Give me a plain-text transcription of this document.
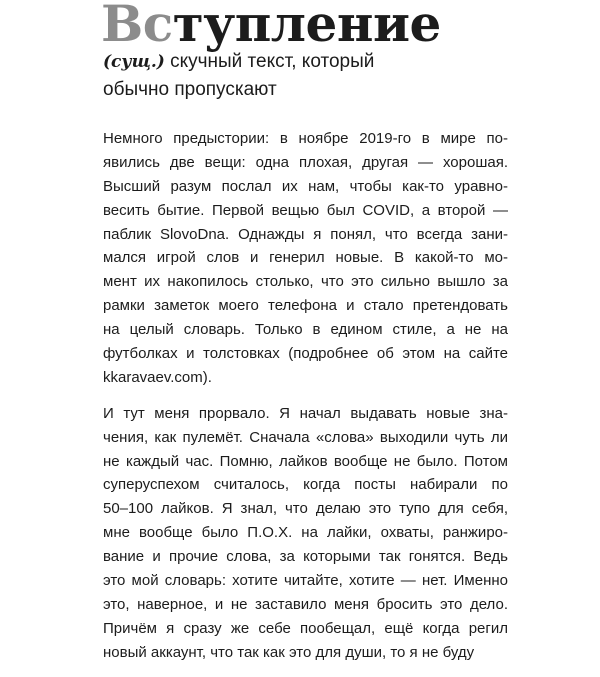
Вступление
(сущ.) скучный текст, который
обычно пропускают

Немного предыстории: в ноябре 2019-го в мире по-
явились две вещи: одна плохая, другая — хорошая.
Высший разум послал их нам, чтобы как-то уравно-
весить бытие. Первой вещью был COVID, а второй —
паблик SlovoDna. Однажды я понял, что всегда зани-
мался игрой слов и генерил новые. В какой-то мо-
мент их накопилось столько, что это сильно вышло за
рамки заметок моего телефона и стало претендовать
на целый словарь. Только в едином стиле, а не на
футболках и толстовках (подробнее об этом на сайте
kkaravaev.com).

И тут меня прорвало. Я начал выдавать новые зна-
чения, как пулемёт. Сначала «слова» выходили чуть ли
не каждый час. Помню, лайков вообще не было. Потом
суперуспехом считалось, когда посты набирали по
50–100 лайков. Я знал, что делаю это тупо для себя,
мне вообще было П.О.Х. на лайки, охваты, ранжиро-
вание и прочие слова, за которыми так гонятся. Ведь
это мой словарь: хотите читайте, хотите — нет. Именно
это, наверное, и не заставило меня бросить это дело.
Причём я сразу же себе пообещал, ещё когда регил
новый аккаунт, что так как это для души, то я не буду
